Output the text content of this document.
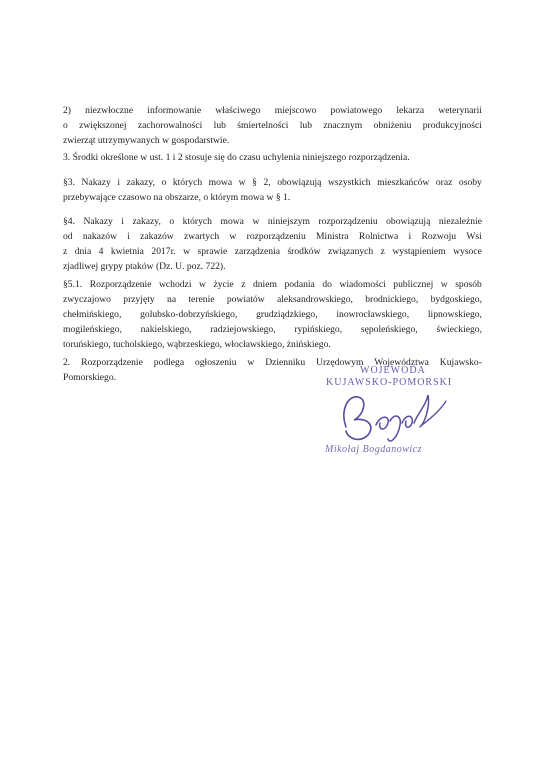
2) niezwłoczne informowanie właściwego miejscowo powiatowego lekarza weterynarii
o zwiększonej zachorowalności lub śmiertelności lub znacznym obniżeniu produkcyjności
zwierząt utrzymywanych w gospodarstwie.
3. Środki określone w ust. 1 i 2 stosuje się do czasu uchylenia niniejszego rozporządzenia.
§3. Nakazy i zakazy, o których mowa w § 2, obowiązują wszystkich mieszkańców oraz osoby
przebywające czasowo na obszarze, o którym mowa w § 1.
§4. Nakazy i zakazy, o których mowa w niniejszym rozporządzeniu obowiązują niezależnie
od nakazów i zakazów zwartych w rozporządzeniu Ministra Rolnictwa i Rozwoju Wsi
z dnia 4 kwietnia 2017r. w sprawie zarządzenia środków związanych z wystąpieniem wysoce
zjadliwej grypy ptaków (Dz. U. poz. 722).
§5.1. Rozporządzenie wchodzi w życie z dniem podania do wiadomości publicznej w sposób
zwyczajowo przyjęty na terenie powiatów aleksandrowskiego, brodnickiego, bydgoskiego,
chełmińskiego, golubsko-dobrzyńskiego, grudziądzkiego, inowrocławskiego, lipnowskiego,
mogileńskiego, nakielskiego, radziejowskiego, rypińskiego, sępoleńskiego, świeckiego,
toruńskiego, tucholskiego, wąbrzeskiego, włocławskiego, żnińskiego.
2. Rozporządzenie podlega ogłoszeniu w Dzienniku Urzędowym Województwa Kujawsko-
Pomorskiego.
WOJEWODA
KUJAWSKO-POMORSKI
Mikołaj Bogdanowicz
